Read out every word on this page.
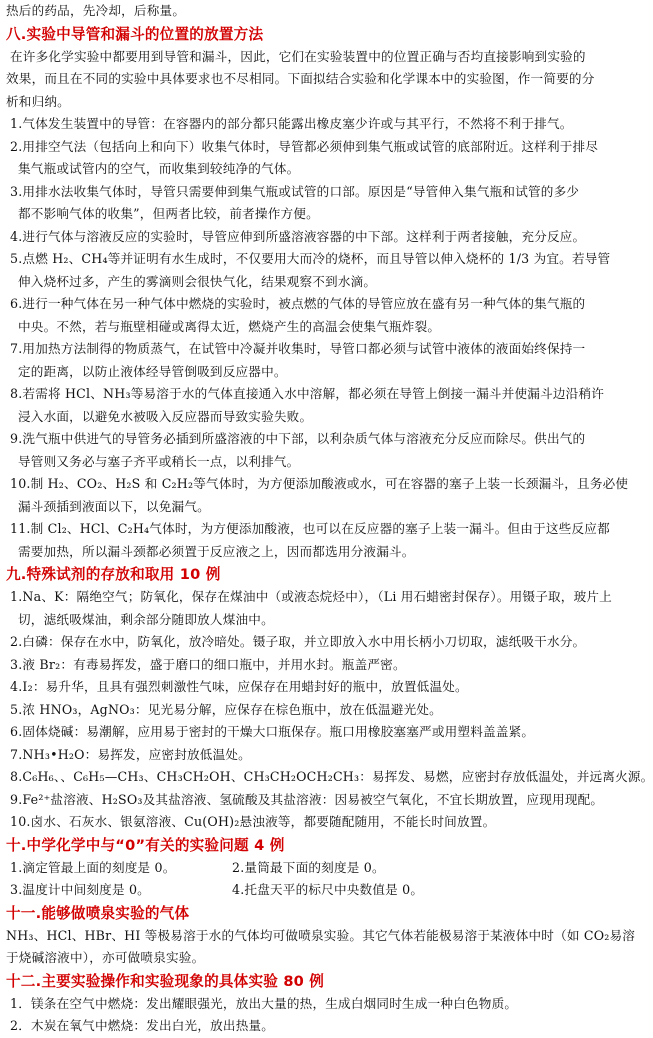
热后的药品，先冷却，后称量。
八.实验中导管和漏斗的位置的放置方法
在许多化学实验中都要用到导管和漏斗，因此，它们在实验装置中的位置正确与否均直接影响到实验的
效果，而且在不同的实验中具体要求也不尽相同。下面拟结合实验和化学课本中的实验图，作一简要的分
析和归纳。
1.气体发生装置中的导管：在容器内的部分都只能露出橡皮塞少许或与其平行，不然将不利于排气。
2.用排空气法（包括向上和向下）收集气体时，导管都必须伸到集气瓶或试管的底部附近。这样利于排尽
集气瓶或试管内的空气，而收集到较纯净的气体。
3.用排水法收集气体时，导管只需要伸到集气瓶或试管的口部。原因是“导管伸入集气瓶和试管的多少
都不影响气体的收集”，但两者比较，前者操作方便。
4.进行气体与溶液反应的实验时，导管应伸到所盛溶液容器的中下部。这样利于两者接触，充分反应。
5.点燃 H₂、CH₄等并证明有水生成时，不仅要用大而冷的烧杯，而且导管以伸入烧杯的 1/3 为宜。若导管
伸入烧杯过多，产生的雾滴则会很快气化，结果观察不到水滴。
6.进行一种气体在另一种气体中燃烧的实验时，被点燃的气体的导管应放在盛有另一种气体的集气瓶的
中央。不然，若与瓶壁相碰或离得太近，燃烧产生的高温会使集气瓶炸裂。
7.用加热方法制得的物质蒸气，在试管中冷凝并收集时，导管口都必须与试管中液体的液面始终保持一
定的距离，以防止液体经导管倒吸到反应器中。
8.若需将 HCl、NH₃等易溶于水的气体直接通入水中溶解，都必须在导管上倒接一漏斗并使漏斗边沿稍许
浸入水面，以避免水被吸入反应器而导致实验失败。
9.洗气瓶中供进气的导管务必插到所盛溶液的中下部，以利杂质气体与溶液充分反应而除尽。供出气的
导管则又务必与塞子齐平或稍长一点，以利排气。
10.制 H₂、CO₂、H₂S 和 C₂H₂等气体时，为方便添加酸液或水，可在容器的塞子上装一长颈漏斗，且务必使
漏斗颈插到液面以下，以免漏气。
11.制 Cl₂、HCl、C₂H₄气体时，为方便添加酸液，也可以在反应器的塞子上装一漏斗。但由于这些反应都
需要加热，所以漏斗颈都必须置于反应液之上，因而都选用分液漏斗。
九.特殊试剂的存放和取用 10 例
1.Na、K：隔绝空气；防氧化，保存在煤油中（或液态烷烃中），（Li 用石蜡密封保存）。用镊子取，玻片上
切，滤纸吸煤油，剩余部分随即放人煤油中。
2.白磷：保存在水中，防氧化，放冷暗处。镊子取，并立即放入水中用长柄小刀切取，滤纸吸干水分。
3.液 Br₂：有毒易挥发，盛于磨口的细口瓶中，并用水封。瓶盖严密。
4.I₂：易升华，且具有强烈刺激性气味，应保存在用蜡封好的瓶中，放置低温处。
5.浓 HNO₃，AgNO₃：见光易分解，应保存在棕色瓶中，放在低温避光处。
6.固体烧碱：易潮解，应用易于密封的干燥大口瓶保存。瓶口用橡胶塞塞严或用塑料盖盖紧。
7.NH₃•H₂O：易挥发，应密封放低温处。
8.C₆H₆、、C₆H₅—CH₃、CH₃CH₂OH、CH₃CH₂OCH₂CH₃：易挥发、易燃，应密封存放低温处，并远离火源。
9.Fe²⁺盐溶液、H₂SO₃及其盐溶液、氢硫酸及其盐溶液：因易被空气氧化，不宜长期放置，应现用现配。
10.卤水、石灰水、银氨溶液、Cu(OH)₂悬浊液等，都要随配随用，不能长时间放置。
十.中学化学中与“0”有关的实验问题 4 例
1.滴定管最上面的刻度是 0。	2.量筒最下面的刻度是 0。
3.温度计中间刻度是 0。	4.托盘天平的标尺中央数值是 0。
十一.能够做喷泉实验的气体
NH₃、HCl、HBr、HI 等极易溶于水的气体均可做喷泉实验。其它气体若能极易溶于某液体中时（如 CO₂易溶
于烧碱溶液中），亦可做喷泉实验。
十二.主要实验操作和实验现象的具体实验 80 例
1．镁条在空气中燃烧：发出耀眼强光，放出大量的热，生成白烟同时生成一种白色物质。
2．木炭在氧气中燃烧：发出白光，放出热量。
